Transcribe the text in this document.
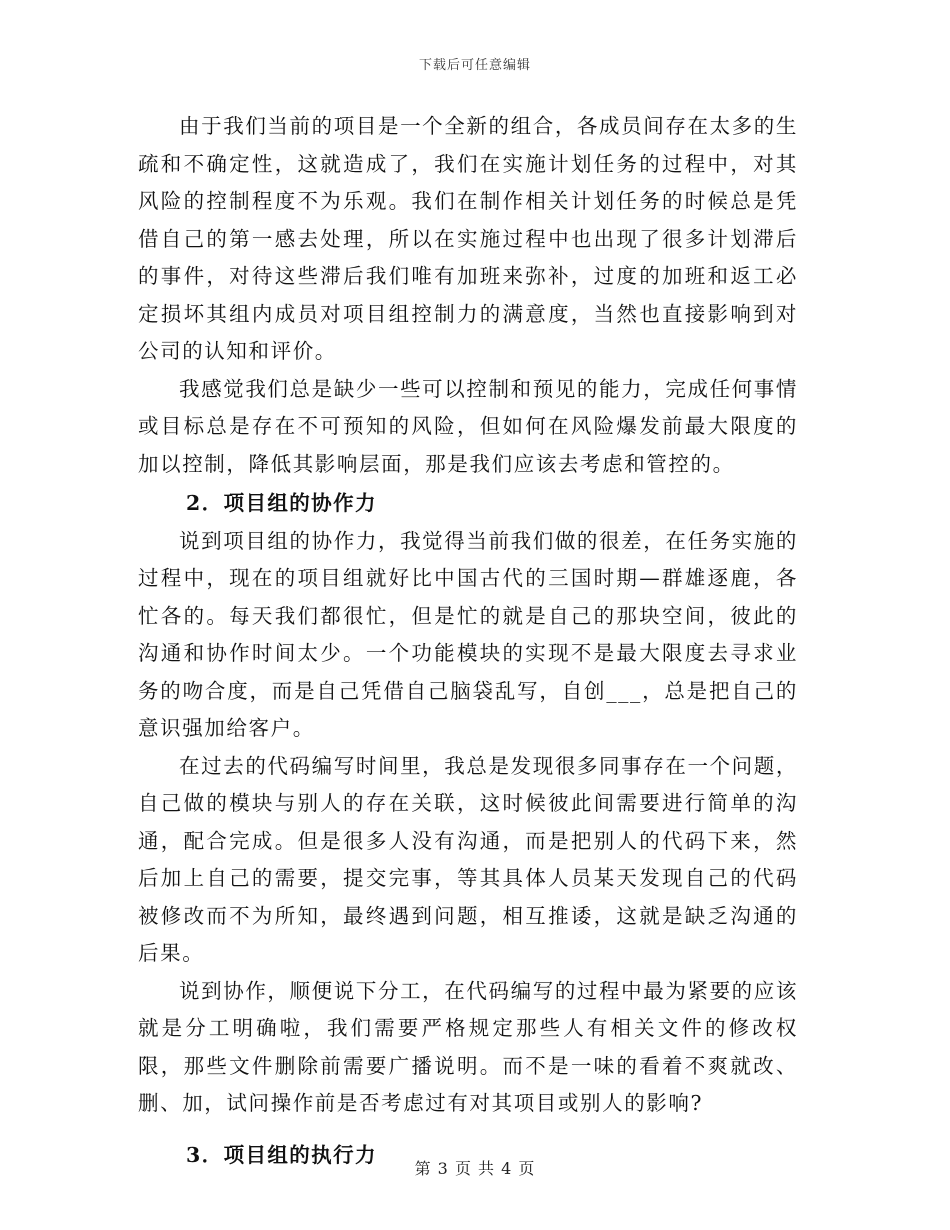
下载后可任意编辑

由于我们当前的项目是一个全新的组合，各成员间存在太多的生疏和不确定性，这就造成了，我们在实施计划任务的过程中，对其风险的控制程度不为乐观。我们在制作相关计划任务的时候总是凭借自己的第一感去处理，所以在实施过程中也出现了很多计划滞后的事件，对待这些滞后我们唯有加班来弥补，过度的加班和返工必定损坏其组内成员对项目组控制力的满意度，当然也直接影响到对公司的认知和评价。

我感觉我们总是缺少一些可以控制和预见的能力，完成任何事情或目标总是存在不可预知的风险，但如何在风险爆发前最大限度的加以控制，降低其影响层面，那是我们应该去考虑和管控的。

2．项目组的协作力

说到项目组的协作力，我觉得当前我们做的很差，在任务实施的过程中，现在的项目组就好比中国古代的三国时期—群雄逐鹿，各忙各的。每天我们都很忙，但是忙的就是自己的那块空间，彼此的沟通和协作时间太少。一个功能模块的实现不是最大限度去寻求业务的吻合度，而是自己凭借自己脑袋乱写，自创___，总是把自己的意识强加给客户。

在过去的代码编写时间里，我总是发现很多同事存在一个问题，自己做的模块与别人的存在关联，这时候彼此间需要进行简单的沟通，配合完成。但是很多人没有沟通，而是把别人的代码下来，然后加上自己的需要，提交完事，等其具体人员某天发现自己的代码被修改而不为所知，最终遇到问题，相互推诿，这就是缺乏沟通的后果。

说到协作，顺便说下分工，在代码编写的过程中最为紧要的应该就是分工明确啦，我们需要严格规定那些人有相关文件的修改权限，那些文件删除前需要广播说明。而不是一味的看着不爽就改、删、加，试问操作前是否考虑过有对其项目或别人的影响?

3．项目组的执行力

第 3 页 共 4 页
